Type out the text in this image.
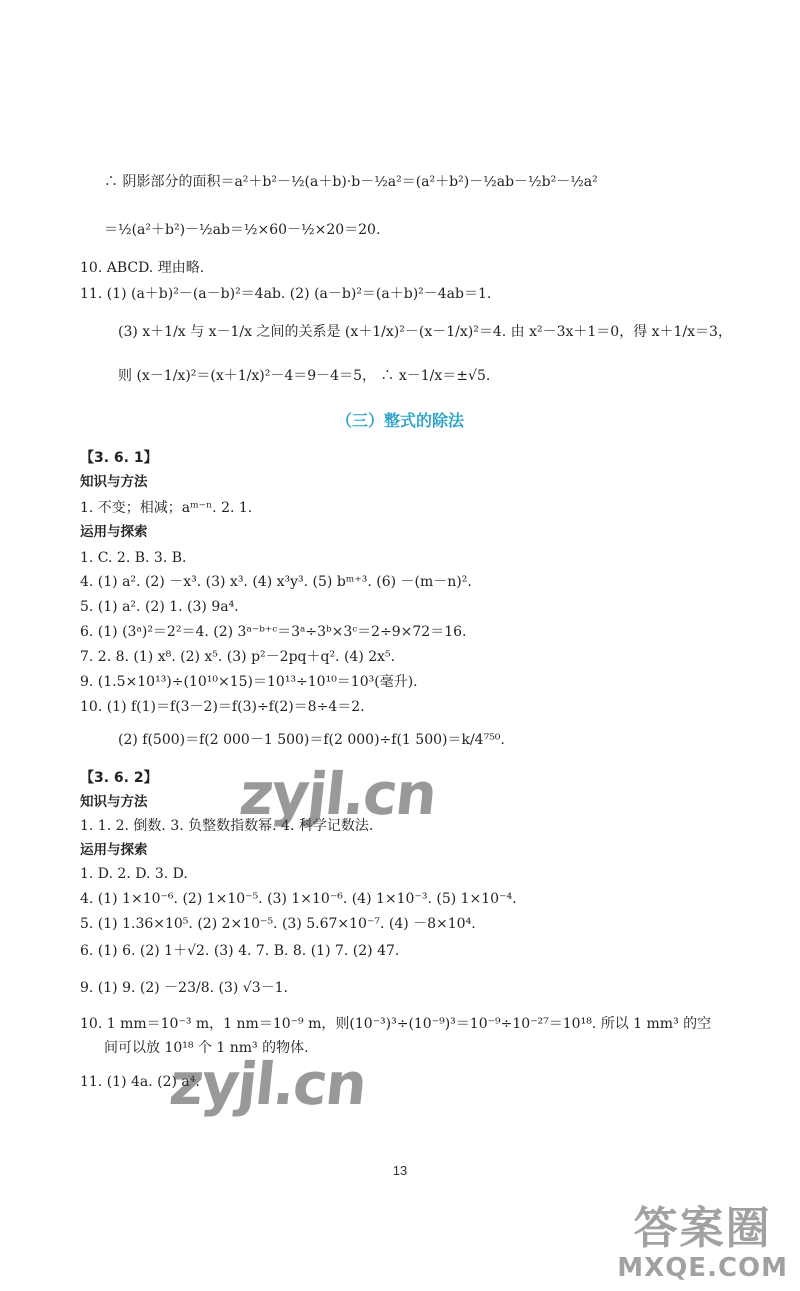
∴ 阴影部分的面积＝a²＋b²－½(a＋b)·b－½a²＝(a²＋b²)－½ab－½b²－½a²
＝½(a²＋b²)－½ab＝½×60－½×20＝20.
10. ABCD. 理由略.
11. (1) (a＋b)²－(a－b)²＝4ab. (2) (a－b)²＝(a＋b)²－4ab＝1.
(3) x＋1/x 与 x－1/x 之间的关系是 (x＋1/x)²－(x－1/x)²＝4. 由 x²－3x＋1＝0，得 x＋1/x＝3，
则 (x－1/x)²＝(x＋1/x)²－4＝9－4＝5， ∴ x－1/x＝±√5.
（三）整式的除法
【3. 6. 1】
知识与方法
1. 不变；相减；aᵐ⁻ⁿ. 2. 1.
运用与探索
1. C. 2. B. 3. B.
4. (1) a². (2) －x³. (3) x³. (4) x³y³. (5) bᵐ⁺³. (6) －(m－n)².
5. (1) a². (2) 1. (3) 9a⁴.
6. (1) (3ᵃ)²＝2²＝4. (2) 3ᵃ⁻ᵇ⁺ᶜ＝3ᵃ÷3ᵇ×3ᶜ＝2÷9×72＝16.
7. 2. 8. (1) x⁸. (2) x⁵. (3) p²－2pq＋q². (4) 2x⁵.
9. (1.5×10¹³)÷(10¹⁰×15)＝10¹³÷10¹⁰＝10³(毫升).
10. (1) f(1)＝f(3－2)＝f(3)÷f(2)＝8÷4＝2.
(2) f(500)＝f(2 000－1 500)＝f(2 000)÷f(1 500)＝k/4⁷⁵⁰.
【3. 6. 2】
知识与方法
1. 1. 2. 倒数. 3. 负整数指数幂. 4. 科学记数法.
运用与探索
1. D. 2. D. 3. D.
4. (1) 1×10⁻⁶. (2) 1×10⁻⁵. (3) 1×10⁻⁶. (4) 1×10⁻³. (5) 1×10⁻⁴.
5. (1) 1.36×10⁵. (2) 2×10⁻⁵. (3) 5.67×10⁻⁷. (4) －8×10⁴.
6. (1) 6. (2) 1＋√2. (3) 4. 7. B. 8. (1) 7. (2) 47.
9. (1) 9. (2) －23/8. (3) √3－1.
10. 1 mm＝10⁻³ m，1 nm＝10⁻⁹ m，则(10⁻³)³÷(10⁻⁹)³＝10⁻⁹÷10⁻²⁷＝10¹⁸. 所以 1 mm³ 的空
间可以放 10¹⁸ 个 1 nm³ 的物体.
11. (1) 4a. (2) a⁴.
13
zyjl.cn
zyjl.cn
答案圈
MXQE.COM
